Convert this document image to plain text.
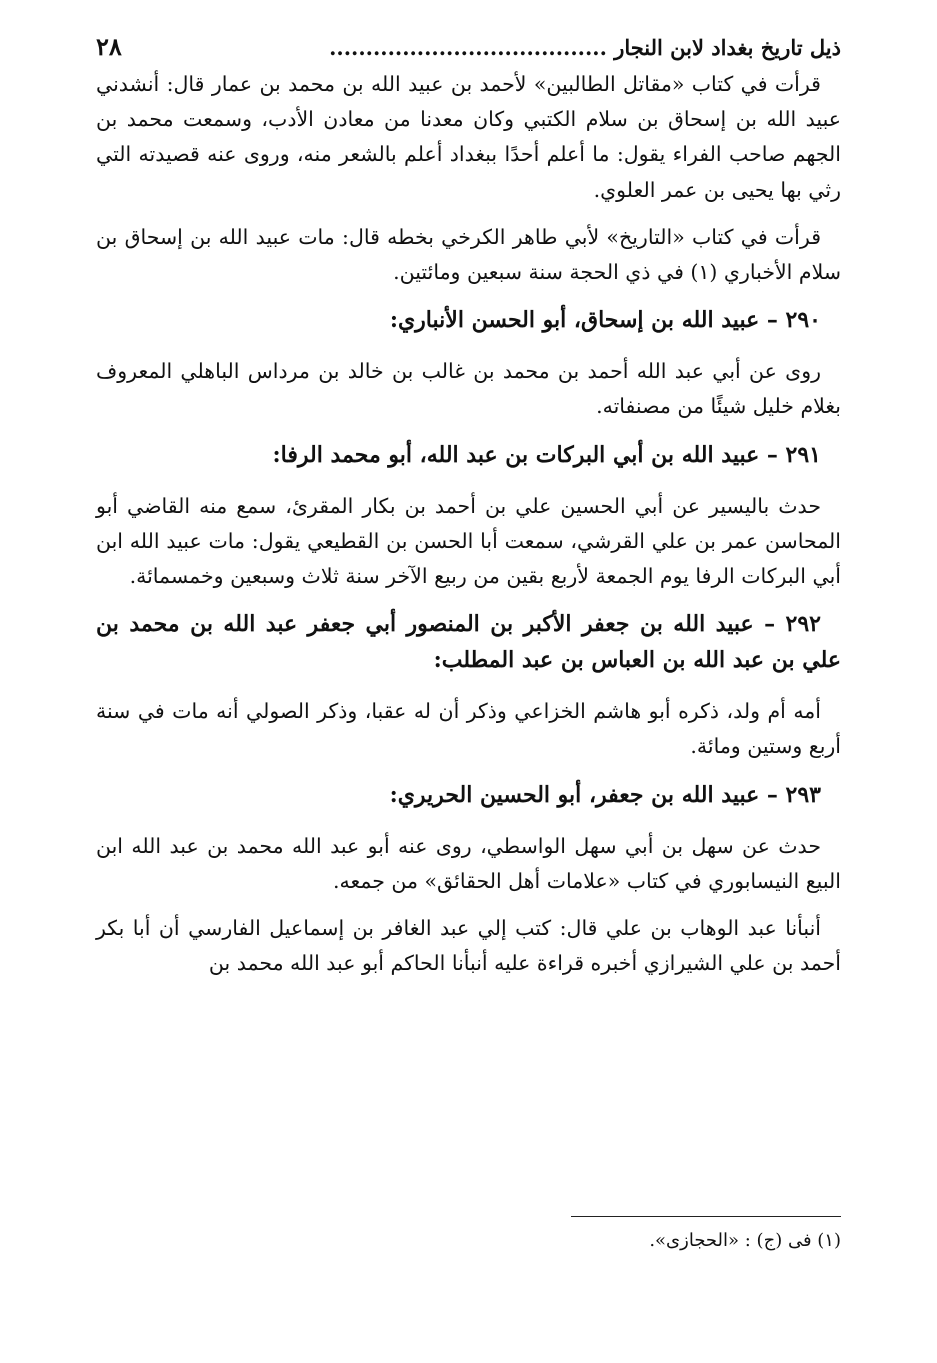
ذيل تاريخ بغداد لابن النجار ......................................
٢٨

قرأت في كتاب «مقاتل الطالبين» لأحمد بن عبيد الله بن محمد بن عمار قال: أنشدني عبيد الله بن إسحاق بن سلام الكتبي وكان معدنا من معادن الأدب، وسمعت محمد بن الجهم صاحب الفراء يقول: ما أعلم أحدًا ببغداد أعلم بالشعر منه، وروى عنه قصيدته التي رثي بها يحيى بن عمر العلوي.

قرأت في كتاب «التاريخ» لأبي طاهر الكرخي بخطه قال: مات عبيد الله بن إسحاق بن سلام الأخباري (١) في ذي الحجة سنة سبعين ومائتين.

٢٩٠ – عبيد الله بن إسحاق، أبو الحسن الأنباري:

روى عن أبي عبد الله أحمد بن محمد بن غالب بن خالد بن مرداس الباهلي المعروف بغلام خليل شيئًا من مصنفاته.

٢٩١ – عبيد الله بن أبي البركات بن عبد الله، أبو محمد الرفا:

حدث باليسير عن أبي الحسين علي بن أحمد بن بكار المقرئ، سمع منه القاضي أبو المحاسن عمر بن علي القرشي، سمعت أبا الحسن بن القطيعي يقول: مات عبيد الله ابن أبي البركات الرفا يوم الجمعة لأربع بقين من ربيع الآخر سنة ثلاث وسبعين وخمسمائة.

٢٩٢ – عبيد الله بن جعفر الأكبر بن المنصور أبي جعفر عبد الله بن محمد بن علي بن عبد الله بن العباس بن عبد المطلب:

أمه أم ولد، ذكره أبو هاشم الخزاعي وذكر أن له عقبا، وذكر الصولي أنه مات في سنة أربع وستين ومائة.

٢٩٣ – عبيد الله بن جعفر، أبو الحسين الحريري:

حدث عن سهل بن أبي سهل الواسطي، روى عنه أبو عبد الله محمد بن عبد الله ابن البيع النيسابوري في كتاب «علامات أهل الحقائق» من جمعه.

أنبأنا عبد الوهاب بن علي قال: كتب إلي عبد الغافر بن إسماعيل الفارسي أن أبا بكر أحمد بن علي الشيرازي أخبره قراءة عليه أنبأنا الحاكم أبو عبد الله محمد بن

(١) فى (ج) : «الحجازى».
